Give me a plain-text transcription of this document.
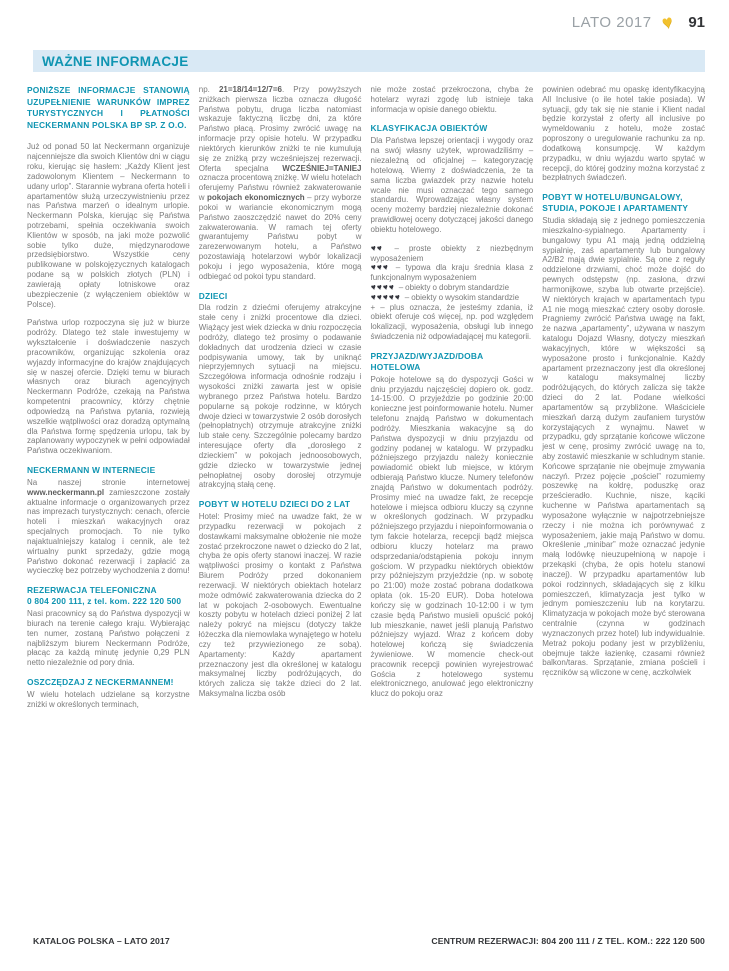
LATO 2017 ♥ 91
WAŻNE INFORMACJE
PONIŻSZE INFORMACJE STANOWIĄ UZUPEŁNIENIE WARUNKÓW IMPREZ TURYSTYCZNYCH I PŁATNOŚCI NECKERMANN POLSKA BP SP. Z O.O.

Już od ponad 50 lat Neckermann organizuje najcenniejsze dla swoich Klientów dni w ciągu roku, kierując się hasłem: „Każdy Klient jest zadowolonym Klientem – Neckermann to udany urlop”. Starannie wybrana oferta hoteli i apartamentów służą urzeczywistnieniu przez nas Państwa marzeń o idealnym urlopie. Neckermann Polska, kierując się Państwa potrzebami, spełnia oczekiwania swoich Klientów w sposób, na jaki może pozwolić sobie tylko duże, międzynarodowe przedsiębiorstwo. Wszystkie ceny publikowane w polskojęzycznych katalogach podane są w polskich złotych (PLN) i zawierają opłaty lotniskowe oraz ubezpieczenie (z wyłączeniem obiektów w Polsce).

Państwa urlop rozpoczyna się już w biurze podróży. Dlatego też stale inwestujemy w wykształcenie i doświadczenie naszych pracowników, organizując szkolenia oraz wyjazdy informacyjne do krajów znajdujących się w naszej ofercie. Dzięki temu w biurach własnych oraz biurach agencyjnych Neckermann Podróże, czekają na Państwa kompetentni pracownicy, którzy chętnie odpowiedzą na Państwa pytania, rozwieją wszelkie wątpliwości oraz doradzą optymalną dla Państwa formę spędzenia urlopu, tak by zaplanowany wypoczynek w pełni odpowiadał Państwa oczekiwaniom.

NECKERMANN W INTERNECIE

Na naszej stronie internetowej www.neckermann.pl zamieszczone zostały aktualne informacje o organizowanych przez nas imprezach turystycznych: cenach, ofercie hoteli i mieszkań wakacyjnych oraz specjalnych promocjach. To nie tylko najaktualniejszy katalog i cennik, ale też wirtualny punkt sprzedaży, gdzie mogą Państwo dokonać rezerwacji i zapłacić za wycieczkę bez potrzeby wychodzenia z domu!

REZERWACJA TELEFONICZNA
0 804 200 111, z tel. kom. 222 120 500

Nasi pracownicy są do Państwa dyspozycji w biurach na terenie całego kraju. Wybierając ten numer, zostaną Państwo połączeni z najbliższym biurem Neckermann Podróże, płacąc za każdą minutę jedynie 0,29 PLN netto niezależnie od pory dnia.

OSZCZĘDZAJ Z NECKERMANNEM!

W wielu hotelach udzielane są korzystne zniżki w określonych terminach,

np. 21=18/14=12/7=6. Przy powyższych zniżkach pierwsza liczba oznacza długość Państwa pobytu, druga liczba natomiast wskazuje faktyczną liczbę dni, za które Państwo płacą. Prosimy zwrócić uwagę na informacje przy opisie hotelu. W przypadku niektórych kierunków zniżki te nie kumulują się ze zniżką przy wcześniejszej rezerwacji. Oferta specjalna WCZEŚNIEJ=TANIEJ oznacza procentową zniżkę. W wielu hotelach oferujemy Państwu również zakwaterowanie w pokojach ekonomicznych – przy wyborze pokoi w wariancie ekonomicznym mogą Państwo zaoszczędzić nawet do 20% ceny zakwaterowania. W ramach tej oferty gwarantujemy Państwu pobyt w zarezerwowanym hotelu, a Państwo pozostawiają hotelarzowi wybór lokalizacji pokoju i jego wyposażenia, które mogą odbiegać od pokoi typu standard.

DZIECI

Dla rodzin z dziećmi oferujemy atrakcyjne stałe ceny i zniżki procentowe dla dzieci. Wiążący jest wiek dziecka w dniu rozpoczęcia podróży, dlatego też prosimy o podawanie dokładnych dat urodzenia dzieci w czasie podpisywania umowy, tak by uniknąć nieprzyjemnych sytuacji na miejscu. Szczegółowa informacja odnośnie rodzaju i wysokości zniżki zawarta jest w opisie wybranego przez Państwa hotelu. Bardzo popularne są pokoje rodzinne, w których dwoje dzieci w towarzystwie 2 osób dorosłych (pełnopłatnych) otrzymuje atrakcyjne zniżki lub stałe ceny. Szczególnie polecamy bardzo interesujące oferty dla „dorosłego z dzieckiem” w pokojach jednoosobowych, gdzie dziecko w towarzystwie jednej pełnopłatnej osoby dorosłej otrzymuje atrakcyjną stałą cenę.

POBYT W HOTELU DZIECI DO 2 LAT

Hotel: Prosimy mieć na uwadze fakt, że w przypadku rezerwacji w pokojach z dostawkami maksymalne obłożenie nie może zostać przekroczone nawet o dziecko do 2 lat, chyba że opis oferty stanowi inaczej. W razie wątpliwości prosimy o kontakt z Państwa Biurem Podróży przed dokonaniem rezerwacji. W niektórych obiektach hotelarz może odmówić zakwaterowania dziecka do 2 lat w pokojach 2-osobowych. Ewentualne koszty pobytu w hotelach dzieci poniżej 2 lat należy pokryć na miejscu (dotyczy także łóżeczka dla niemowlaka wynajętego w hotelu czy też przywiezionego ze sobą). Apartamenty: Każdy apartament przeznaczony jest dla określonej w katalogu maksymalnej liczby podróżujących, do których zalicza się także dzieci do 2 lat. Maksymalna liczba osób

nie może zostać przekroczona, chyba że hotelarz wyrazi zgodę lub istnieje taka informacja w opisie danego obiektu.

KLASYFIKACJA OBIEKTÓW

Dla Państwa lepszej orientacji i wygody oraz na swój własny użytek, wprowadziliśmy – niezależną od oficjalnej – kategoryzację hotelową. Wiemy z doświadczenia, że ta sama liczba gwiazdek przy nazwie hotelu wcale nie musi oznaczać tego samego standardu. Wprowadzając własny system oceny możemy bardziej niezależnie dokonać prawidłowej oceny dotyczącej jakości danego obiektu hotelowego.

♥♥ – proste obiekty z niezbędnym wyposażeniem

♥♥♥ – typowa dla kraju średnia klasa z funkcjonalnym wyposażeniem

♥♥♥♥ – obiekty o dobrym standardzie

♥♥♥♥♥ – obiekty o wysokim standardzie

+ – plus oznacza, że jesteśmy zdania, iż obiekt oferuje coś więcej, np. pod względem lokalizacji, wyposażenia, obsługi lub innego świadczenia niż odpowiadającej mu kategorii.

PRZYJAZD/WYJAZD/DOBA HOTELOWA

Pokoje hotelowe są do dyspozycji Gości w dniu przyjazdu najczęściej dopiero ok. godz. 14-15:00. O przyjeździe po godzinie 20:00 konieczne jest poinformowanie hotelu. Numer telefonu znajdą Państwo w dokumentach podróży. Mieszkania wakacyjne są do Państwa dyspozycji w dniu przyjazdu od godziny podanej w katalogu. W przypadku późniejszego przyjazdu należy koniecznie powiadomić obiekt lub miejsce, w którym odbierają Państwo klucze. Numery telefonów znajdą Państwo w dokumentach podróży. Prosimy mieć na uwadze fakt, że recepcje hotelowe i miejsca odbioru kluczy są czynne w określonych godzinach. W przypadku późniejszego przyjazdu i niepoinformowania o tym fakcie hotelarza, recepcji bądź miejsca odbioru kluczy hotelarz ma prawo odsprzedania/odstąpienia pokoju innym gościom. W przypadku niektórych obiektów przy późniejszym przyjeździe (np. w sobotę po 21:00) może zostać pobrana dodatkowa opłata (ok. 15-20 EUR). Doba hotelowa kończy się w godzinach 10-12:00 i w tym czasie będą Państwo musieli opuścić pokój lub mieszkanie, nawet jeśli planują Państwo późniejszy wyjazd. Wraz z końcem doby hotelowej kończą się świadczenia żywieniowe. W momencie check-out pracownik recepcji powinien wyrejestrować Gościa z hotelowego systemu elektronicznego, anulować jego elektroniczny klucz do pokoju oraz

powinien odebrać mu opaskę identyfikacyjną All Inclusive (o ile hotel takie posiada). W sytuacji, gdy tak się nie stanie i Klient nadal będzie korzystał z oferty all inclusive po wymeldowaniu z hotelu, może zostać poproszony o uregulowanie rachunku za np. dodatkową konsumpcję. W każdym przypadku, w dniu wyjazdu warto spytać w recepcji, do której godziny można korzystać z bezpłatnych świadczeń.

POBYT W HOTELU/BUNGALOWY,
STUDIA, POKOJE I APARTAMENTY

Studia składają się z jednego pomieszczenia mieszkalno-sypialnego. Apartamenty i bungalowy typu A1 mają jedną oddzielną sypialnię, zaś apartamenty lub bungalowy A2/B2 mają dwie sypialnie. Są one z reguły oddzielone drzwiami, choć może dojść do pewnych odstępstw (np. zasłona, drzwi harmonijkowe, szyba lub otwarte przejście). W niektórych krajach w apartamentach typu A1 nie mogą mieszkać cztery osoby dorosłe. Pragniemy zwrócić Państwa uwagę na fakt, że nazwa „apartamenty”, używana w naszym katalogu Dojazd Własny, dotyczy mieszkań wakacyjnych, które w większości są wyposażone prosto i funkcjonalnie. Każdy apartament przeznaczony jest dla określonej w katalogu maksymalnej liczby podróżujących, do których zalicza się także dzieci do 2 lat. Podane wielkości apartamentów są przybliżone. Właściciele mieszkań darzą dużym zaufaniem turystów korzystających z wynajmu. Nawet w przypadku, gdy sprzątanie końcowe wliczone jest w cenę, prosimy zwrócić uwagę na to, aby zostawić mieszkanie w schludnym stanie. Końcowe sprzątanie nie obejmuje zmywania naczyń. Przez pojęcie „pościel” rozumiemy poszewkę na kołdrę, poduszkę oraz prześcieradło. Kuchnie, nisze, kąciki kuchenne w Państwa apartamentach są wyposażone wyłącznie w najpotrzebniejsze rzeczy i nie można ich porównywać z wyposażeniem, jakie mają Państwo w domu. Określenie „minibar” może oznaczać jedynie małą lodówkę nieuzupełnioną w napoje i przekąski (chyba, że opis hotelu stanowi inaczej). W przypadku apartamentów lub pokoi rodzinnych, składających się z kilku pomieszczeń, klimatyzacja jest tylko w jednym pomieszczeniu lub na korytarzu. Klimatyzacja w pokojach może być sterowana centralnie (czynna w godzinach wyznaczonych przez hotel) lub indywidualnie. Metraż pokoju podany jest w przybliżeniu, obejmuje także łazienkę, czasami również balkon/taras. Sprzątanie, zmiana pościeli i ręczników są wliczone w cenę, aczkolwiek

KATALOG POLSKA – LATO 2017	CENTRUM REZERWACJI: 804 200 111 / Z TEL. KOM.: 222 120 500
